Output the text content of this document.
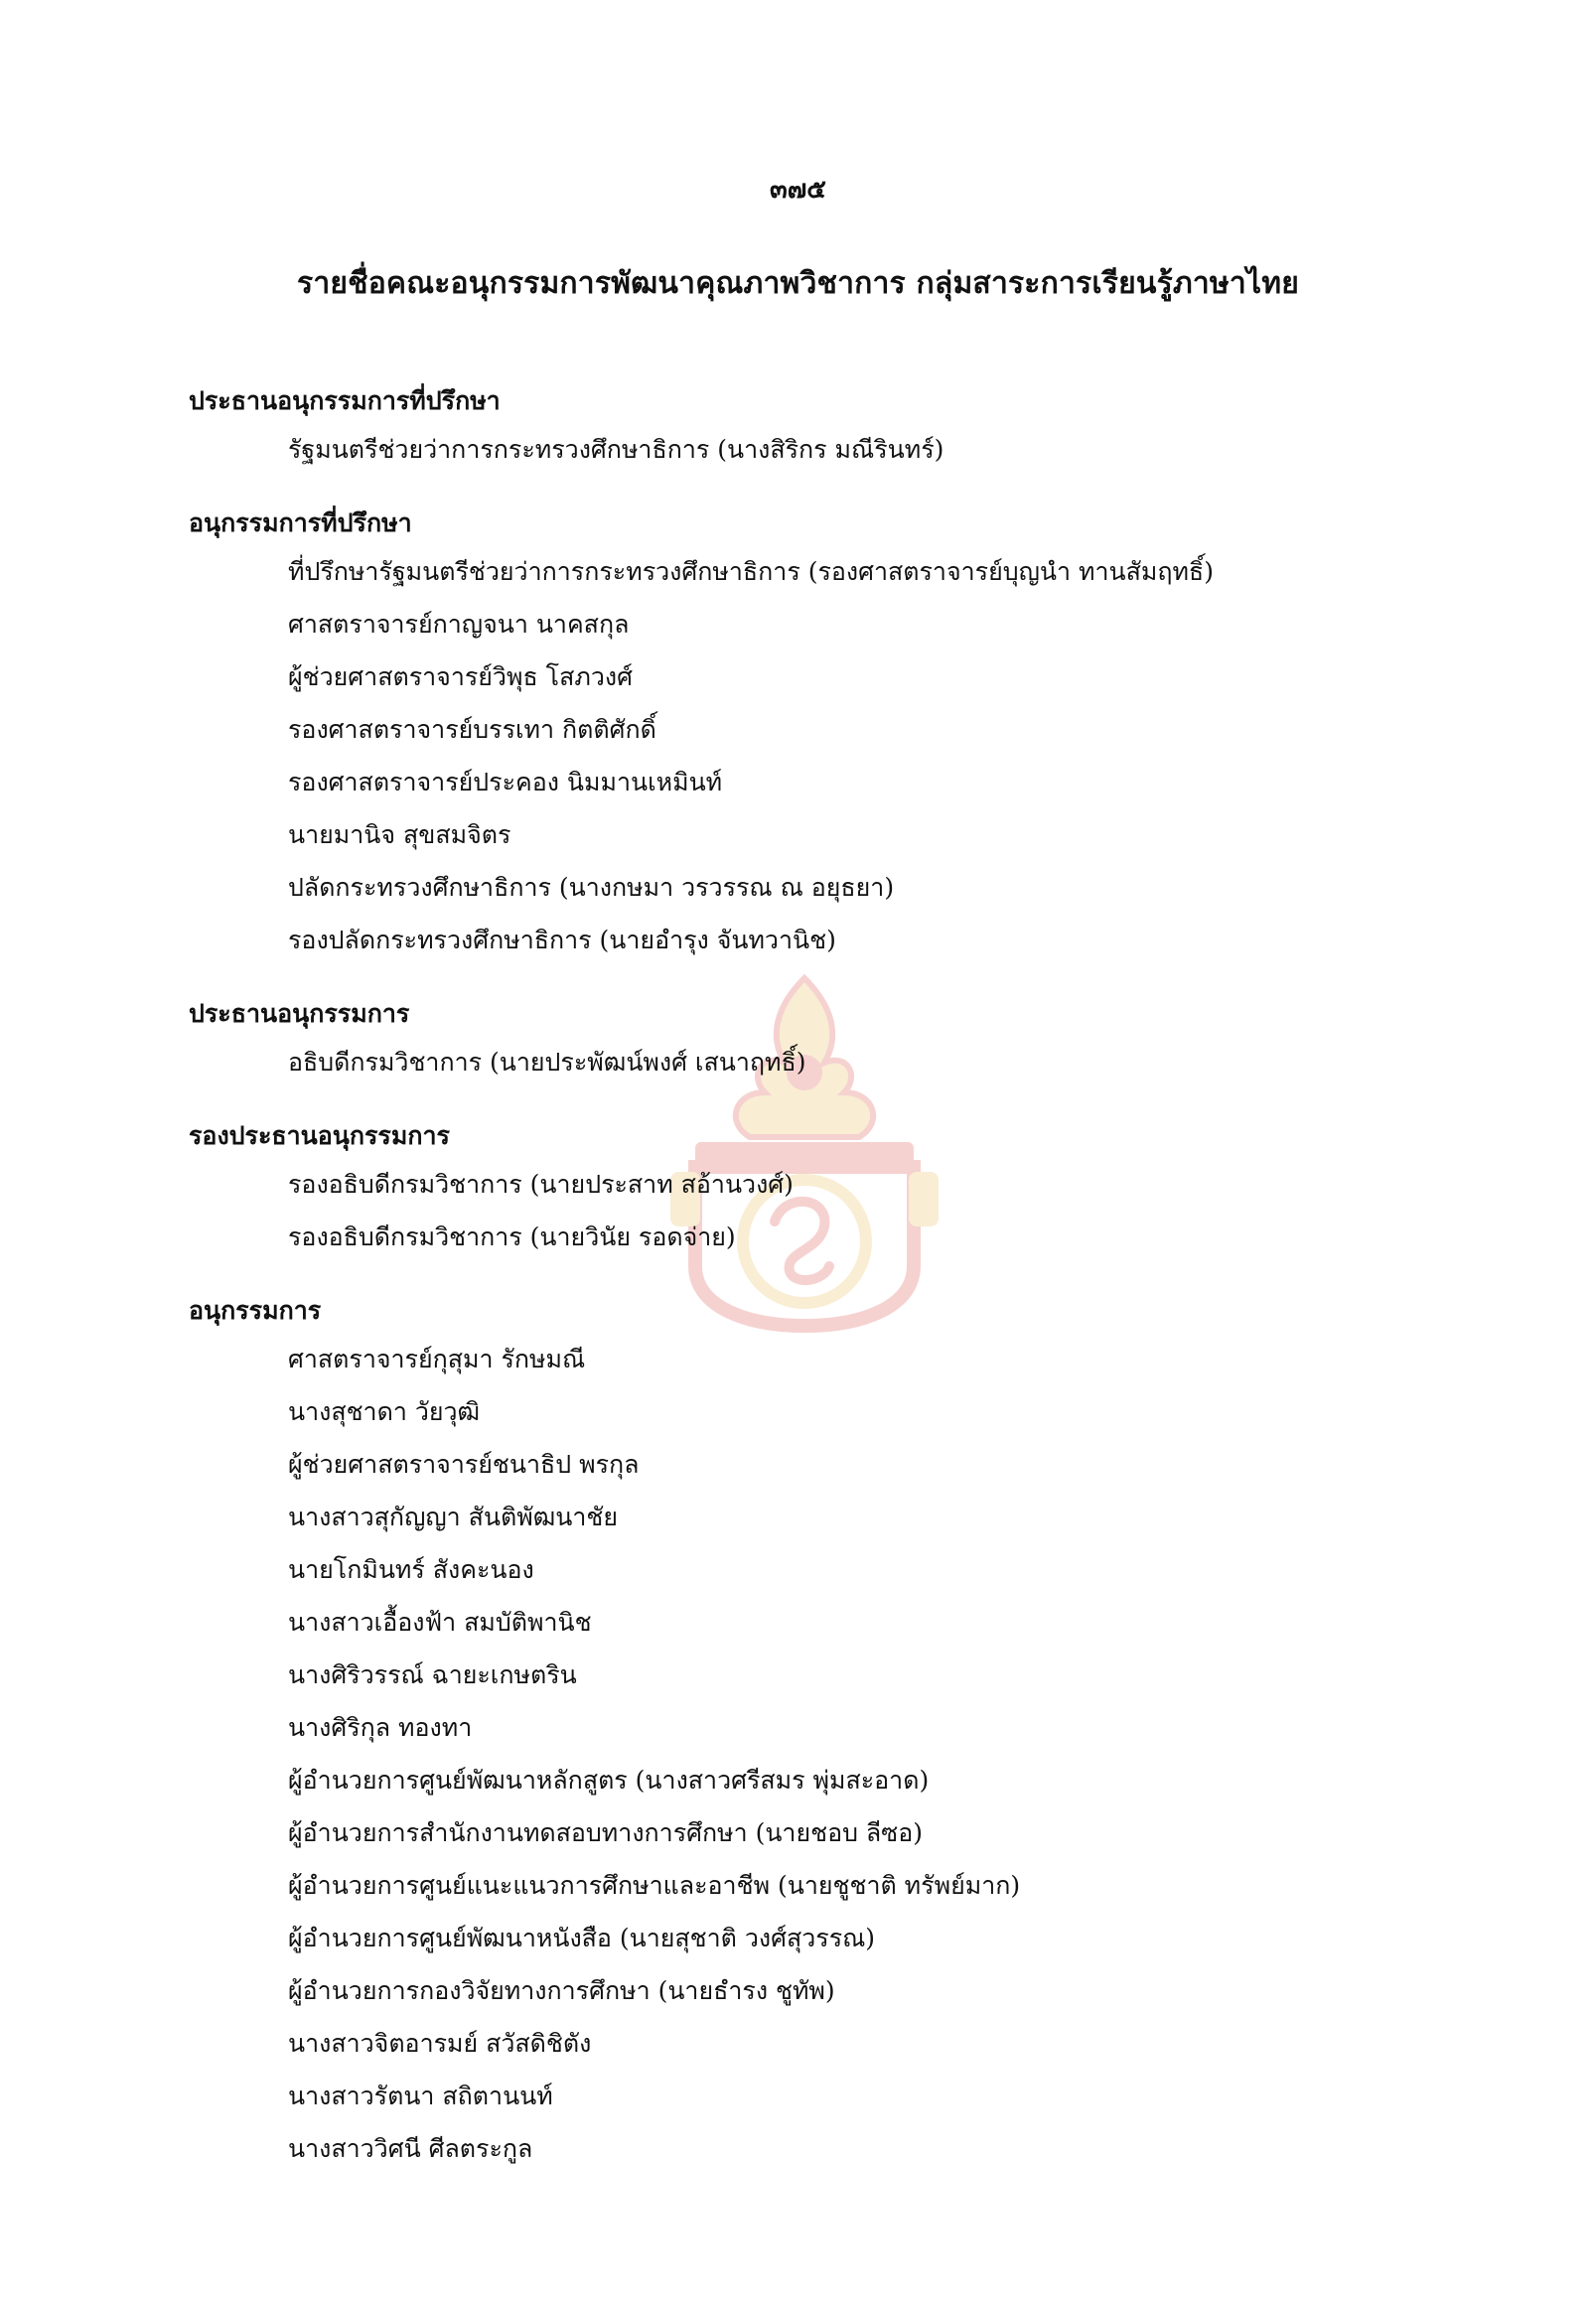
๓๗๕
รายชื่อคณะอนุกรรมการพัฒนาคุณภาพวิชาการ กลุ่มสาระการเรียนรู้ภาษาไทย
ประธานอนุกรรมการที่ปรึกษา
รัฐมนตรีช่วยว่าการกระทรวงศึกษาธิการ (นางสิริกร มณีรินทร์)
อนุกรรมการที่ปรึกษา
ที่ปรึกษารัฐมนตรีช่วยว่าการกระทรวงศึกษาธิการ (รองศาสตราจารย์บุญนำ ทานสัมฤทธิ์)
ศาสตราจารย์กาญจนา นาคสกุล
ผู้ช่วยศาสตราจารย์วิพุธ โสภวงศ์
รองศาสตราจารย์บรรเทา กิตติศักดิ์
รองศาสตราจารย์ประคอง นิมมานเหมินท์
นายมานิจ สุขสมจิตร
ปลัดกระทรวงศึกษาธิการ (นางกษมา วรวรรณ ณ อยุธยา)
รองปลัดกระทรวงศึกษาธิการ (นายอำรุง จันทวานิช)
ประธานอนุกรรมการ
อธิบดีกรมวิชาการ (นายประพัฒน์พงศ์ เสนาฤทธิ์)
รองประธานอนุกรรมการ
รองอธิบดีกรมวิชาการ (นายประสาท สอ้านวงศ์)
รองอธิบดีกรมวิชาการ (นายวินัย รอดจ่าย)
อนุกรรมการ
ศาสตราจารย์กุสุมา รักษมณี
นางสุชาดา วัยวุฒิ
ผู้ช่วยศาสตราจารย์ชนาธิป พรกุล
นางสาวสุกัญญา สันติพัฒนาชัย
นายโกมินทร์ สังคะนอง
นางสาวเอื้องฟ้า สมบัติพานิช
นางศิริวรรณ์ ฉายะเกษตริน
นางศิริกุล ทองทา
ผู้อำนวยการศูนย์พัฒนาหลักสูตร (นางสาวศรีสมร พุ่มสะอาด)
ผู้อำนวยการสำนักงานทดสอบทางการศึกษา (นายชอบ ลีซอ)
ผู้อำนวยการศูนย์แนะแนวการศึกษาและอาชีพ (นายชูชาติ ทรัพย์มาก)
ผู้อำนวยการศูนย์พัฒนาหนังสือ (นายสุชาติ วงศ์สุวรรณ)
ผู้อำนวยการกองวิจัยทางการศึกษา (นายธำรง ชูทัพ)
นางสาวจิตอารมย์ สวัสดิชิตัง
นางสาวรัตนา สถิตานนท์
นางสาววิศนี ศีลตระกูล
